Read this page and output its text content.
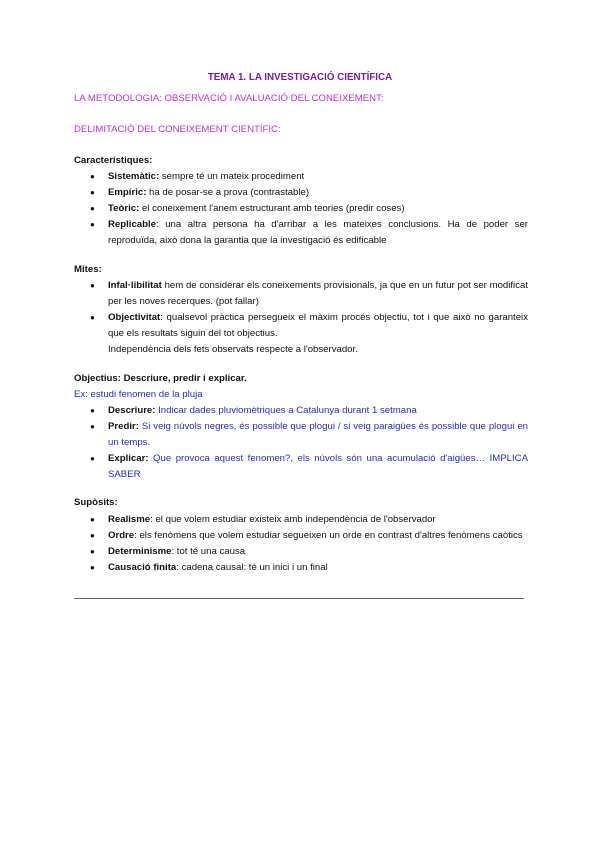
TEMA 1. LA INVESTIGACIÓ CIENTÍFICA
LA METODOLOGIA: OBSERVACIÓ I AVALUACIÓ DEL CONEIXEMENT:
DELIMITACIÓ DEL CONEIXEMENT CIENTÍFIC:
Característiques:
● Sistemàtic: sempre té un mateix procediment
● Empíric: ha de posar-se a prova (contrastable)
● Teòric: el coneixement l'anem estructurant amb teories (predir coses)
● Replicable: una altra persona ha d'arribar a les mateixes conclusions. Ha de poder ser reproduïda, això dona la garantia que la investigació és edificable
Mites:
● Infal·libilitat hem de considerar els coneixements provisionals, ja que en un futur pot ser modificat per les noves recerques. (pot fallar)
● Objectivitat: qualsevol pràctica persegueix el màxim procés objectiu, tot i que això no garanteix que els resultats siguin del tot objectius.
Independència dels fets observats respecte a l'observador.
Objectius: Descriure, predir i explicar.
Ex: estudi fenomen de la pluja
● Descriure: Indicar dades pluviomètriques a Catalunya durant 1 setmana
● Predir: Si veig núvols negres, és possible que plogui / si veig paraigües és possible que plogui en un temps.
● Explicar: Que provoca aquest fenomen?, els núvols són una acumulació d'aigües… IMPLICA SABER
Supòsits:
● Realisme: el que volem estudiar existeix amb independència de l'observador
● Ordre: els fenòmens que volem estudiar segueixen un orde en contrast d'altres fenòmens caòtics
● Determinisme: tot té una causa
● Causació finita: cadena causal: té un inici i un final
